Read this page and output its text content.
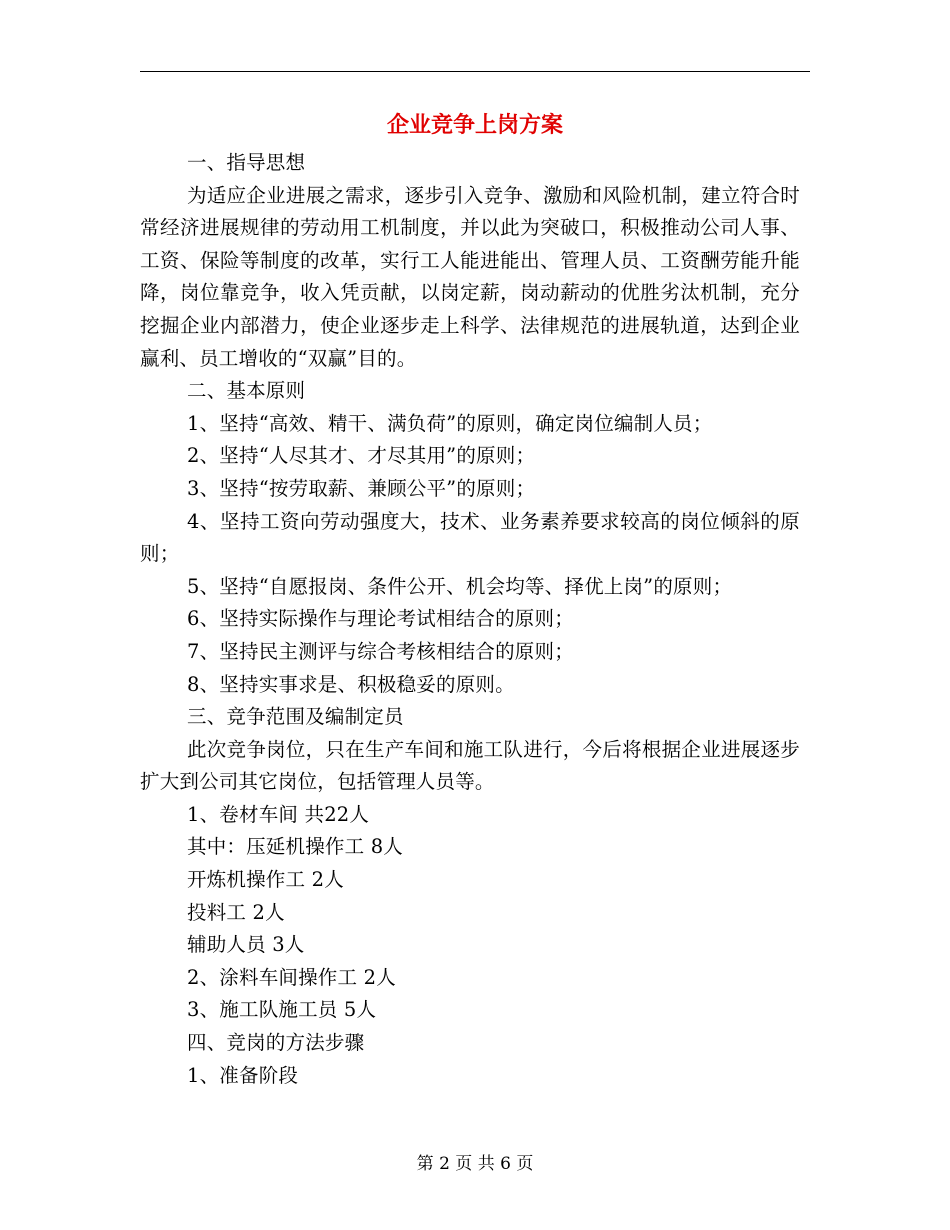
企业竞争上岗方案

一、指导思想

为适应企业进展之需求，逐步引入竞争、激励和风险机制，建立符合时常经济进展规律的劳动用工机制度，并以此为突破口，积极推动公司人事、工资、保险等制度的改革，实行工人能进能出、管理人员、工资酬劳能升能降，岗位靠竞争，收入凭贡献，以岗定薪，岗动薪动的优胜劣汰机制，充分挖掘企业内部潜力，使企业逐步走上科学、法律规范的进展轨道，达到企业赢利、员工增收的“双赢”目的。

二、基本原则

1、坚持“高效、精干、满负荷”的原则，确定岗位编制人员；

2、坚持“人尽其才、才尽其用”的原则；

3、坚持“按劳取薪、兼顾公平”的原则；

4、坚持工资向劳动强度大，技术、业务素养要求较高的岗位倾斜的原则；

5、坚持“自愿报岗、条件公开、机会均等、择优上岗”的原则；

6、坚持实际操作与理论考试相结合的原则；

7、坚持民主测评与综合考核相结合的原则；

8、坚持实事求是、积极稳妥的原则。

三、竞争范围及编制定员

此次竞争岗位，只在生产车间和施工队进行，今后将根据企业进展逐步扩大到公司其它岗位，包括管理人员等。

1、卷材车间 共22人

其中：压延机操作工 8人

开炼机操作工 2人

投料工 2人

辅助人员 3人

2、涂料车间操作工 2人

3、施工队施工员 5人

四、竞岗的方法步骤

1、准备阶段

第 2 页 共 6 页
